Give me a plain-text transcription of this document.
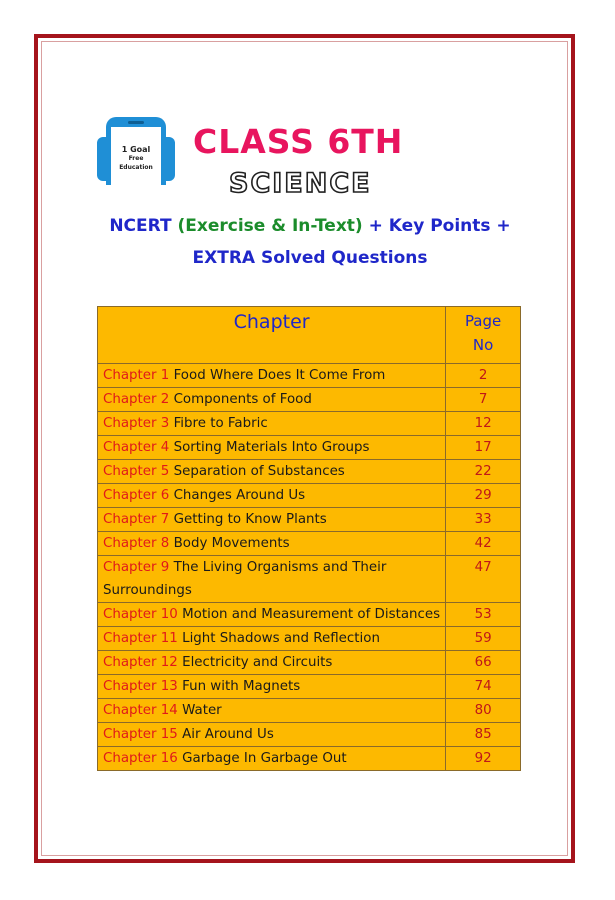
1 Goal
Free
Education
CLASS 6TH
SCIENCE
NCERT (Exercise & In-Text) + Key Points +
EXTRA Solved Questions
Chapter	Page
No
Chapter 1 Food Where Does It Come From	2
Chapter 2 Components of Food	7
Chapter 3 Fibre to Fabric	12
Chapter 4 Sorting Materials Into Groups	17
Chapter 5 Separation of Substances	22
Chapter 6 Changes Around Us	29
Chapter 7 Getting to Know Plants	33
Chapter 8 Body Movements	42
Chapter 9 The Living Organisms and Their Surroundings	47
Chapter 10 Motion and Measurement of Distances	53
Chapter 11 Light Shadows and Reflection	59
Chapter 12 Electricity and Circuits	66
Chapter 13 Fun with Magnets	74
Chapter 14 Water	80
Chapter 15 Air Around Us	85
Chapter 16 Garbage In Garbage Out	92
